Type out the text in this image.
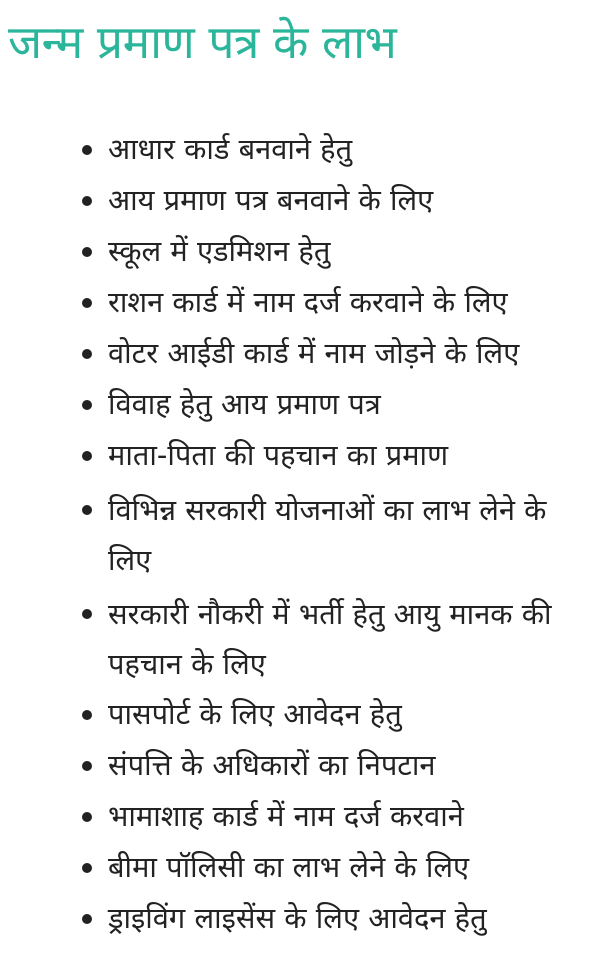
जन्म प्रमाण पत्र के लाभ
आधार कार्ड बनवाने हेतु
आय प्रमाण पत्र बनवाने के लिए
स्कूल में एडमिशन हेतु
राशन कार्ड में नाम दर्ज करवाने के लिए
वोटर आईडी कार्ड में नाम जोड़ने के लिए
विवाह हेतु आय प्रमाण पत्र
माता-पिता की पहचान का प्रमाण
विभिन्न सरकारी योजनाओं का लाभ लेने के लिए
सरकारी नौकरी में भर्ती हेतु आयु मानक की पहचान के लिए
पासपोर्ट के लिए आवेदन हेतु
संपत्ति के अधिकारों का निपटान
भामाशाह कार्ड में नाम दर्ज करवाने
बीमा पॉलिसी का लाभ लेने के लिए
ड्राइविंग लाइसेंस के लिए आवेदन हेतु
